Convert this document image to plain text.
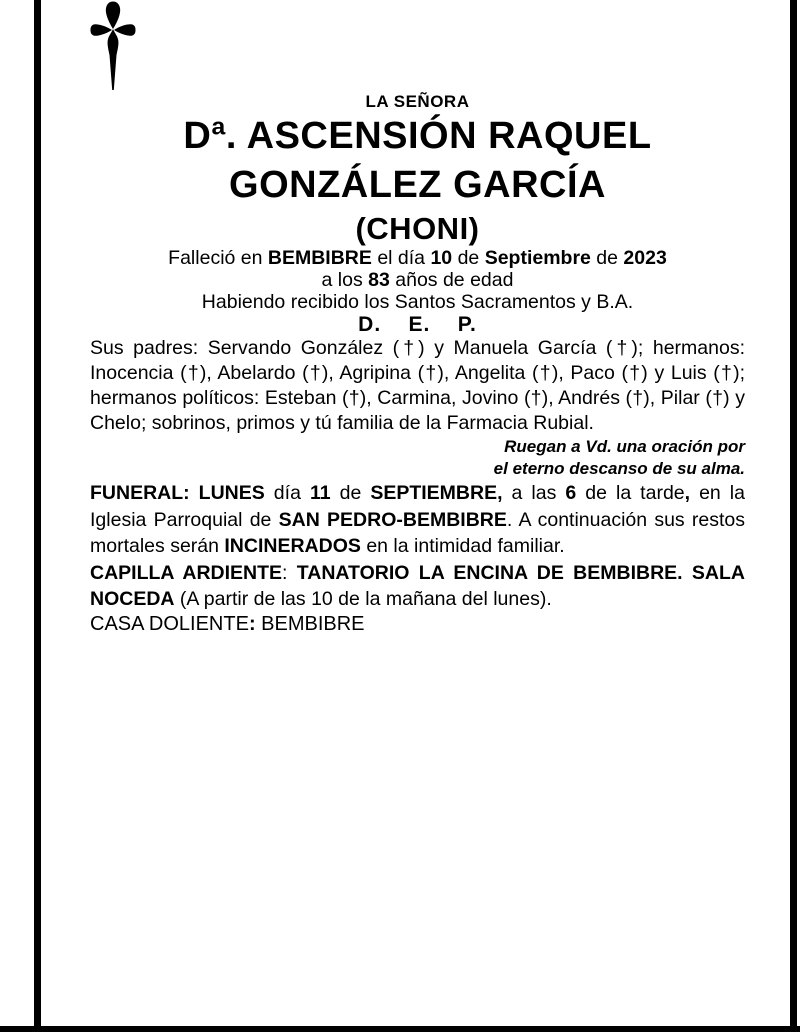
LA SEÑORA
Dª. ASCENSIÓN RAQUEL
GONZÁLEZ GARCÍA
(CHONI)
Falleció en BEMBIBRE el día 10 de Septiembre de 2023
a los 83 años de edad
Habiendo recibido los Santos Sacramentos y B.A.
D.    E.    P.
Sus padres: Servando González (†) y Manuela García (†); hermanos: Inocencia (†), Abelardo (†), Agripina (†), Angelita (†), Paco (†) y Luis (†); hermanos políticos: Esteban (†), Carmina, Jovino (†), Andrés (†), Pilar (†) y Chelo; sobrinos, primos y tú familia de la Farmacia Rubial.
Ruegan a Vd. una oración por
el eterno descanso de su alma.
FUNERAL: LUNES día 11 de SEPTIEMBRE, a las 6 de la tarde, en la Iglesia Parroquial de SAN PEDRO-BEMBIBRE. A continuación sus restos mortales serán INCINERADOS en la intimidad familiar.
CAPILLA ARDIENTE: TANATORIO LA ENCINA DE BEMBIBRE. SALA NOCEDA (A partir de las 10 de la mañana del lunes).
CASA DOLIENTE: BEMBIBRE
